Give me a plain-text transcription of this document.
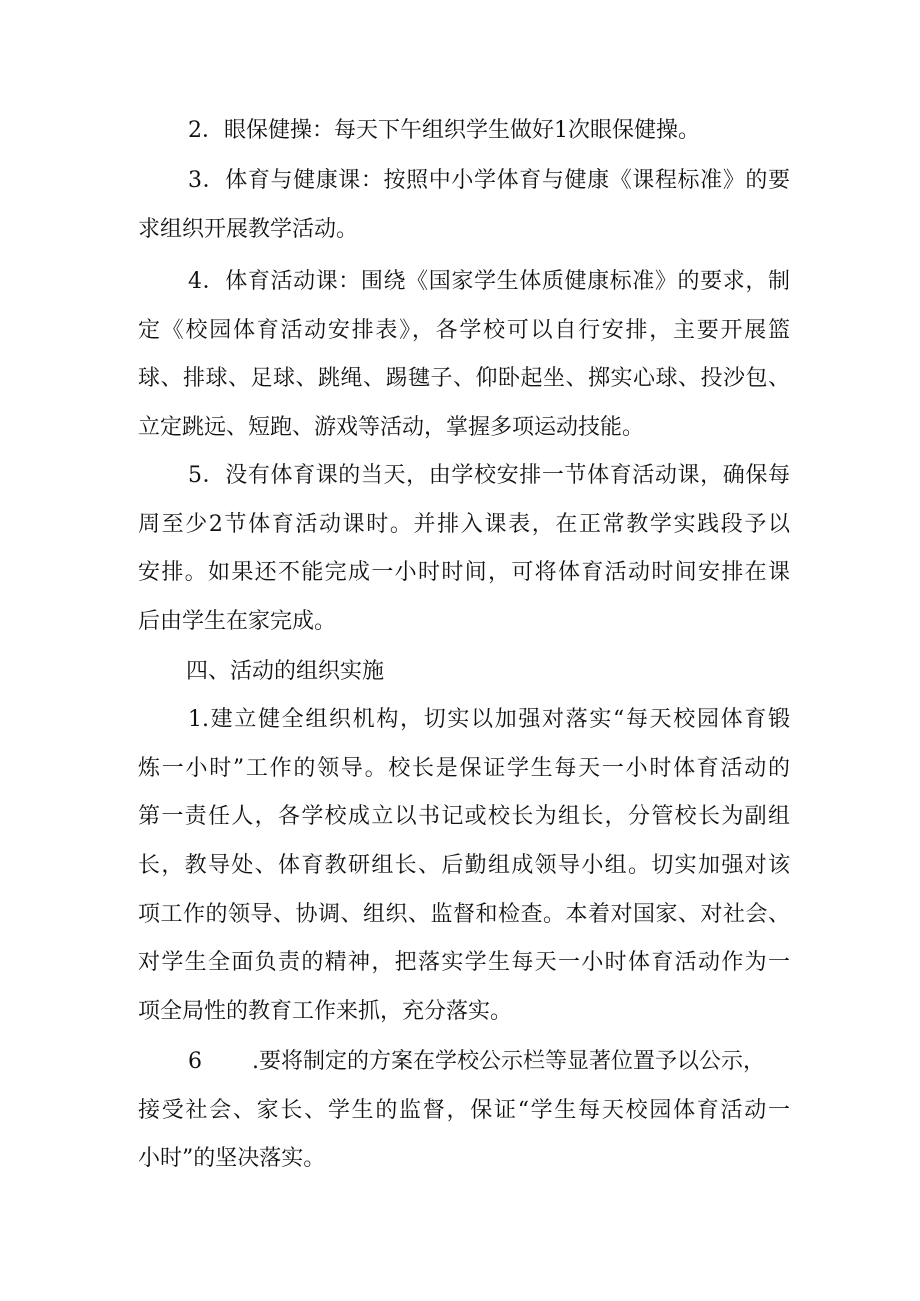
2．眼保健操：每天下午组织学生做好1次眼保健操。
3．体育与健康课：按照中小学体育与健康《课程标准》的要
求组织开展教学活动。
4．体育活动课：围绕《国家学生体质健康标准》的要求，制
定《校园体育活动安排表》，各学校可以自行安排，主要开展篮
球、排球、足球、跳绳、踢毽子、仰卧起坐、掷实心球、投沙包、
立定跳远、短跑、游戏等活动，掌握多项运动技能。
5．没有体育课的当天，由学校安排一节体育活动课，确保每
周至少2节体育活动课时。并排入课表，在正常教学实践段予以
安排。如果还不能完成一小时时间，可将体育活动时间安排在课
后由学生在家完成。
四、活动的组织实施
1.建立健全组织机构，切实以加强对落实“每天校园体育锻
炼一小时”工作的领导。校长是保证学生每天一小时体育活动的
第一责任人，各学校成立以书记或校长为组长，分管校长为副组
长，教导处、体育教研组长、后勤组成领导小组。切实加强对该
项工作的领导、协调、组织、监督和检查。本着对国家、对社会、
对学生全面负责的精神，把落实学生每天一小时体育活动作为一
项全局性的教育工作来抓，充分落实。
6 .要将制定的方案在学校公示栏等显著位置予以公示，
接受社会、家长、学生的监督，保证“学生每天校园体育活动一
小时”的坚决落实。
